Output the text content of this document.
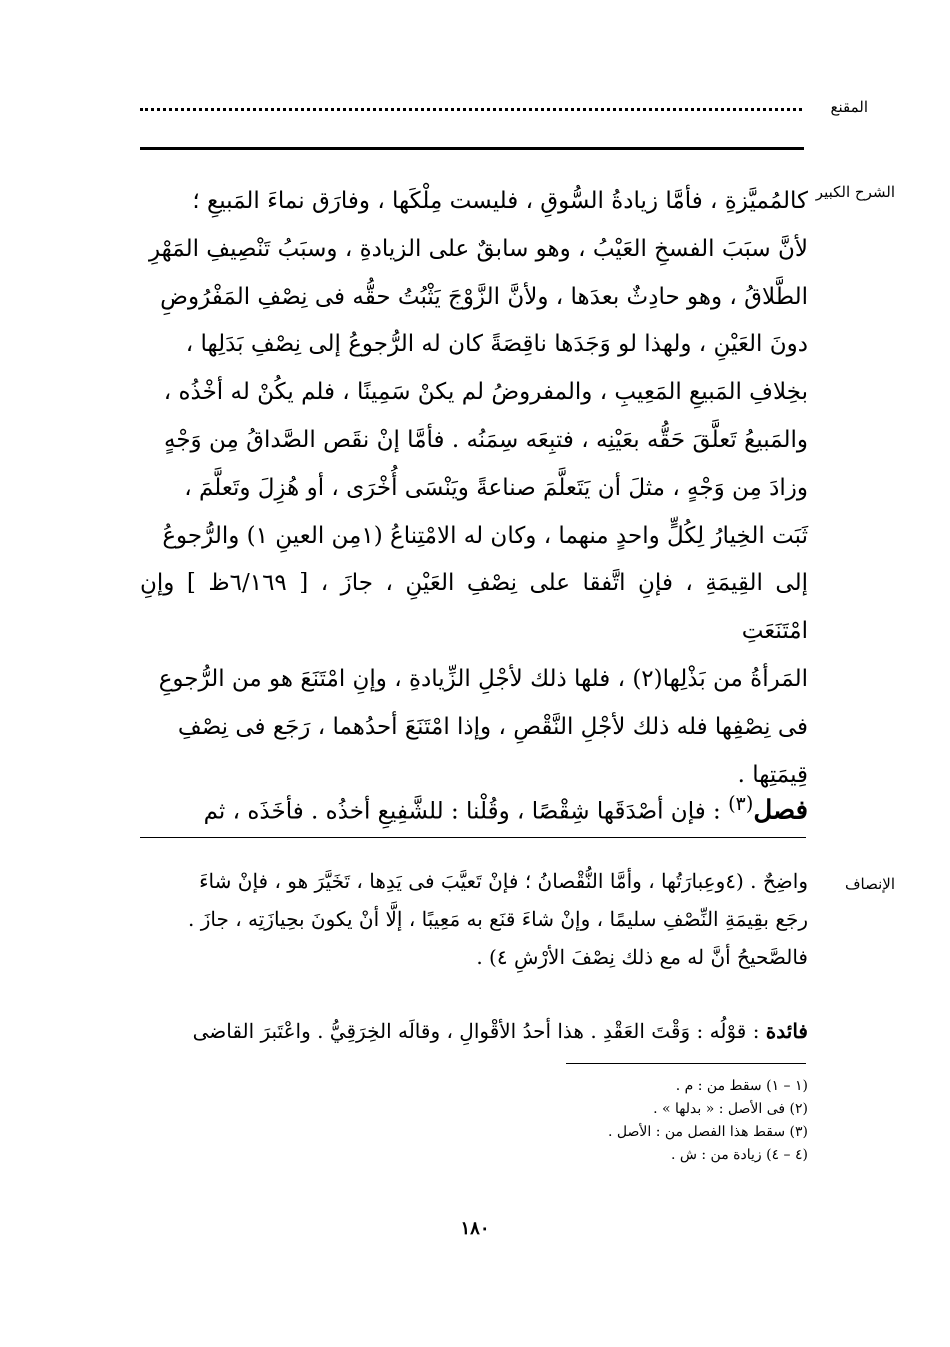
المقنع
الشرح الكبير

كالمُميَّزةِ ، فأمَّا زيادةُ السُّوقِ ، فليست مِلْكَها ، وفارَق نماءَ المَبيعِ ؛

لأنَّ سبَبَ الفسخِ العَيْبُ ، وهو سابقٌ على الزيادةِ ، وسبَبُ تَنْصِيفِ المَهْرِ

الطَّلاقُ ، وهو حادِثٌ بعدَها ، ولأنَّ الزَّوْجَ يَثْبُتُ حقُّه فى نِصْفِ المَفْرُوضِ

دونَ العَيْنِ ، ولهذا لو وَجَدَها ناقِصَةً كان له الرُّجوعُ إلى نِصْفِ بَدَلِها ،

بخِلافِ المَبيعِ المَعِيبِ ، والمفروضُ لم يكنْ سَمِينًا ، فلم يكُنْ له أخْذُه ،

والمَبيعُ تَعلَّقَ حَقُّه بعَيْنِه ، فتبِعَه سِمَنُه . فأمَّا إنْ نقَص الصَّداقُ مِن وَجْهٍ

وزادَ مِن وَجْهٍ ، مثلَ أن يَتَعلَّمَ صناعةً ويَنْسَى أُخْرَى ، أو هُزِلَ وتَعلَّمَ ،

ثَبَت الخِيارُ لِكُلٍّ واحدٍ منهما ، وكان له الامْتِناعُ (١مِن العينِ ١) والرُّجوعُ

إلى القِيمَةِ ، فإنِ اتَّفقا على نِصْفِ العَيْنِ ، جازَ ، [ ٦/١٦٩ظ ] وإنِ امْتَنَعَتِ

المَرأةُ من بَذْلِها(٢) ، فلها ذلك لأجْلِ الزِّيادةِ ، وإنِ امْتَنَعَ هو من الرُّجوعِ

فى نِصْفِها فله ذلك لأجْلِ النَّقْصِ ، وإذا امْتَنَعَ أحدُهما ، رَجَع فى نِصْفِ

قِيمَتِها .

فصل$^{(٣)}$ : فإن أصْدَقَها شِقْصًا ، وقُلْنا : للشَّفِيعِ أخذُه . فأخَذَه ، ثم
الإنصاف

واضِحٌ . (٤وعِبارَتُها ، وأمَّا النُّقْصانُ ؛ فإنْ تَعيَّبَ فى يَدِها ، تَخَيَّرَ هو ، فإنْ شاءَ

رجَع بقِيمَةِ النِّصْفِ سليمًا ، وإنْ شاءَ قنَع به مَعِيبًا ، إلَّا أنْ يكونَ بحِيازَتِه ، جازَ .

فالصَّحيحُ أنَّ له مع ذلك نِصْفَ الأرْشِ ٤) .

فائدة : قوْلُه : وَقْتَ العَقْدِ . هذا أحدُ الأقْوالِ ، وقالَه الخِرَقِيُّ . واعْتَبرَ القاضى

(١ – ١) سقط من : م .

(٢) فى الأصل : « بدلها » .

(٣) سقط هذا الفصل من : الأصل .

(٤ – ٤) زيادة من : ش .

١٨٠
